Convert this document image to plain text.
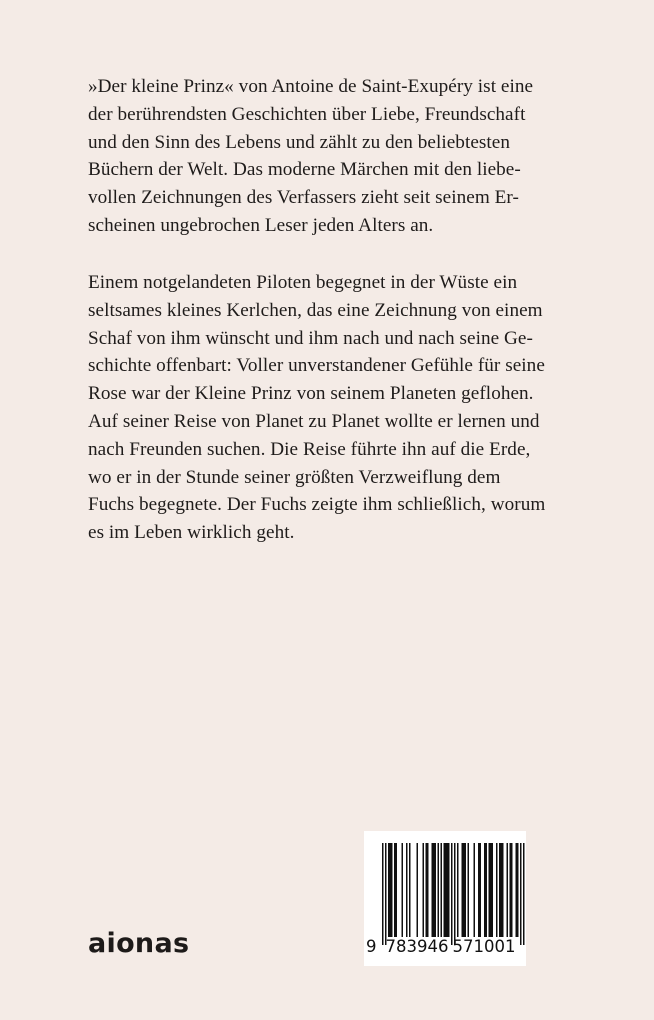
»Der kleine Prinz« von Antoine de Saint-Exupéry ist eine
der berührendsten Geschichten über Liebe, Freundschaft
und den Sinn des Lebens und zählt zu den beliebtesten
Büchern der Welt. Das moderne Märchen mit den liebe-
vollen Zeichnungen des Verfassers zieht seit seinem Er-
scheinen ungebrochen Leser jeden Alters an.

Einem notgelandeten Piloten begegnet in der Wüste ein
seltsames kleines Kerlchen, das eine Zeichnung von einem
Schaf von ihm wünscht und ihm nach und nach seine Ge-
schichte offenbart: Voller unverstandener Gefühle für seine
Rose war der Kleine Prinz von seinem Planeten geflohen.
Auf seiner Reise von Planet zu Planet wollte er lernen und
nach Freunden suchen. Die Reise führte ihn auf die Erde,
wo er in der Stunde seiner größten Verzweiflung dem
Fuchs begegnete. Der Fuchs zeigte ihm schließlich, worum
es im Leben wirklich geht.

aionas	9 783946 571001
